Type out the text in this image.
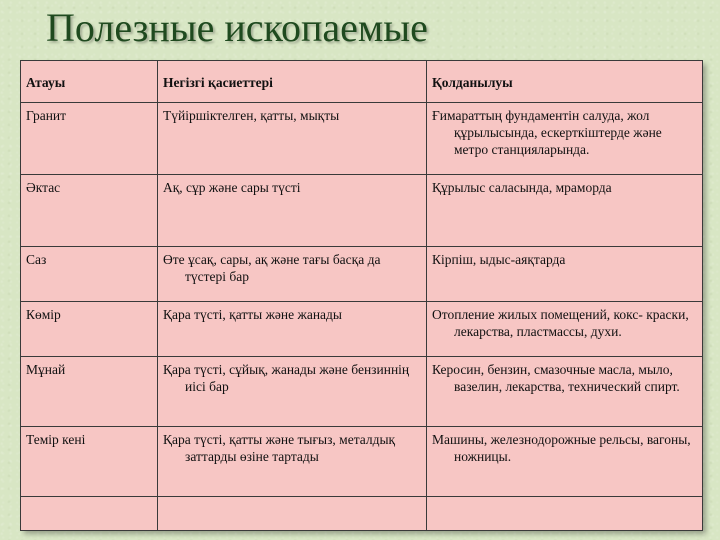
Полезные ископаемые
Атауы	Негізгі қасиеттері	Қолданылуы
Гранит	Түйіршіктелген, қатты, мықты	Ғимараттың фундаментін салуда, жол құрылысында, ескерткіштерде және метро станцияларында.

Әктас	Ақ, сұр және сары түсті	Құрылыс саласында, мраморда

Саз	Өте ұсақ, сары, ақ және тағы басқа да түстері бар	Кірпіш, ыдыс-аяқтарда

Көмір	Қара түсті, қатты және жанады	Отопление жилых помещений, кокс- краски, лекарства, пластмассы, духи.

Мұнай	Қара түсті, сұйық, жанады және бензиннің иісі бар	Керосин, бензин, смазочные масла, мыло, вазелин, лекарства, технический спирт.

Темір кені	Қара түсті, қатты және тығыз, металдық заттарды өзіне тартады	Машины, железнодорожные рельсы, вагоны, ножницы.
